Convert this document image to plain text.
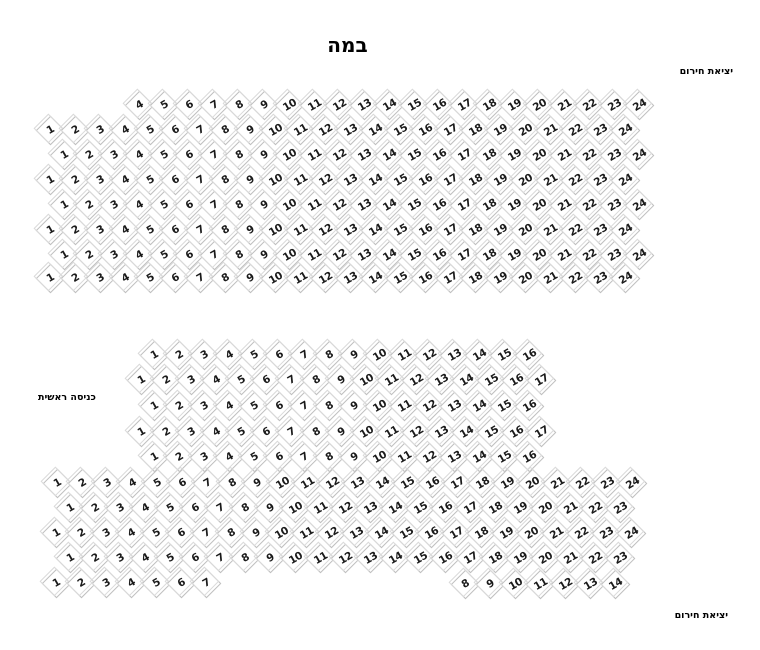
במה
יציאת חירום
כניסה ראשית
יציאת חירום
4 5 6 7 8 9 10 11 12 13 14 15 16 17 18 19 20 21 22 23 24
1 2 3 4 5 6 7 8 9 10 11 12 13 14 15 16 17 18 19 20 21 22 23 24
1 2 3 4 5 6 7 8 9 10 11 12 13 14 15 16 17 18 19 20 21 22 23 24
1 2 3 4 5 6 7 8 9 10 11 12 13 14 15 16 17 18 19 20 21 22 23 24
1 2 3 4 5 6 7 8 9 10 11 12 13 14 15 16 17 18 19 20 21 22 23 24
1 2 3 4 5 6 7 8 9 10 11 12 13 14 15 16 17 18 19 20 21 22 23 24
1 2 3 4 5 6 7 8 9 10 11 12 13 14 15 16 17 18 19 20 21 22 23 24
1 2 3 4 5 6 7 8 9 10 11 12 13 14 15 16 17 18 19 20 21 22 23 24
1 2 3 4 5 6 7 8 9 10 11 12 13 14 15 16
1 2 3 4 5 6 7 8 9 10 11 12 13 14 15 16 17
1 2 3 4 5 6 7 8 9 10 11 12 13 14 15 16
1 2 3 4 5 6 7 8 9 10 11 12 13 14 15 16 17
1 2 3 4 5 6 7 8 9 10 11 12 13 14 15 16
1 2 3 4 5 6 7 8 9 10 11 12 13 14 15 16 17 18 19 20 21 22 23 24
1 2 3 4 5 6 7 8 9 10 11 12 13 14 15 16 17 18 19 20 21 22 23
1 2 3 4 5 6 7 8 9 10 11 12 13 14 15 16 17 18 19 20 21 22 23 24
1 2 3 4 5 6 7 8 9 10 11 12 13 14 15 16 17 18 19 20 21 22 23
1 2 3 4 5 6 7	8 9 10 11 12 13 14
